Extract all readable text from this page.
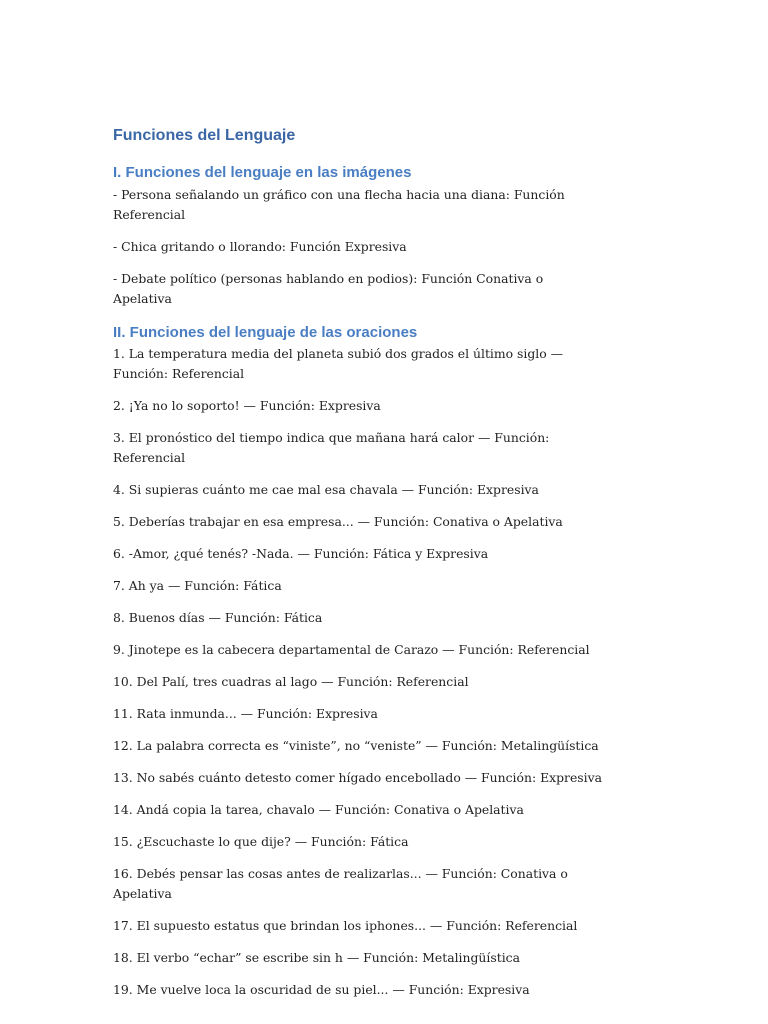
Funciones del Lenguaje
I. Funciones del lenguaje en las imágenes

- Persona señalando un gráfico con una flecha hacia una diana: Función Referencial

- Chica gritando o llorando: Función Expresiva

- Debate político (personas hablando en podios): Función Conativa o Apelativa

II. Funciones del lenguaje de las oraciones

1. La temperatura media del planeta subió dos grados el último siglo — Función: Referencial

2. ¡Ya no lo soporto! — Función: Expresiva

3. El pronóstico del tiempo indica que mañana hará calor — Función: Referencial

4. Si supieras cuánto me cae mal esa chavala — Función: Expresiva

5. Deberías trabajar en esa empresa... — Función: Conativa o Apelativa

6. -Amor, ¿qué tenés? -Nada. — Función: Fática y Expresiva

7. Ah ya — Función: Fática

8. Buenos días — Función: Fática

9. Jinotepe es la cabecera departamental de Carazo — Función: Referencial

10. Del Palí, tres cuadras al lago — Función: Referencial

11. Rata inmunda... — Función: Expresiva

12. La palabra correcta es “viniste”, no “veniste” — Función: Metalingüística

13. No sabés cuánto detesto comer hígado encebollado — Función: Expresiva

14. Andá copia la tarea, chavalo — Función: Conativa o Apelativa

15. ¿Escuchaste lo que dije? — Función: Fática

16. Debés pensar las cosas antes de realizarlas... — Función: Conativa o Apelativa

17. El supuesto estatus que brindan los iphones... — Función: Referencial

18. El verbo “echar” se escribe sin h — Función: Metalingüística

19. Me vuelve loca la oscuridad de su piel... — Función: Expresiva
